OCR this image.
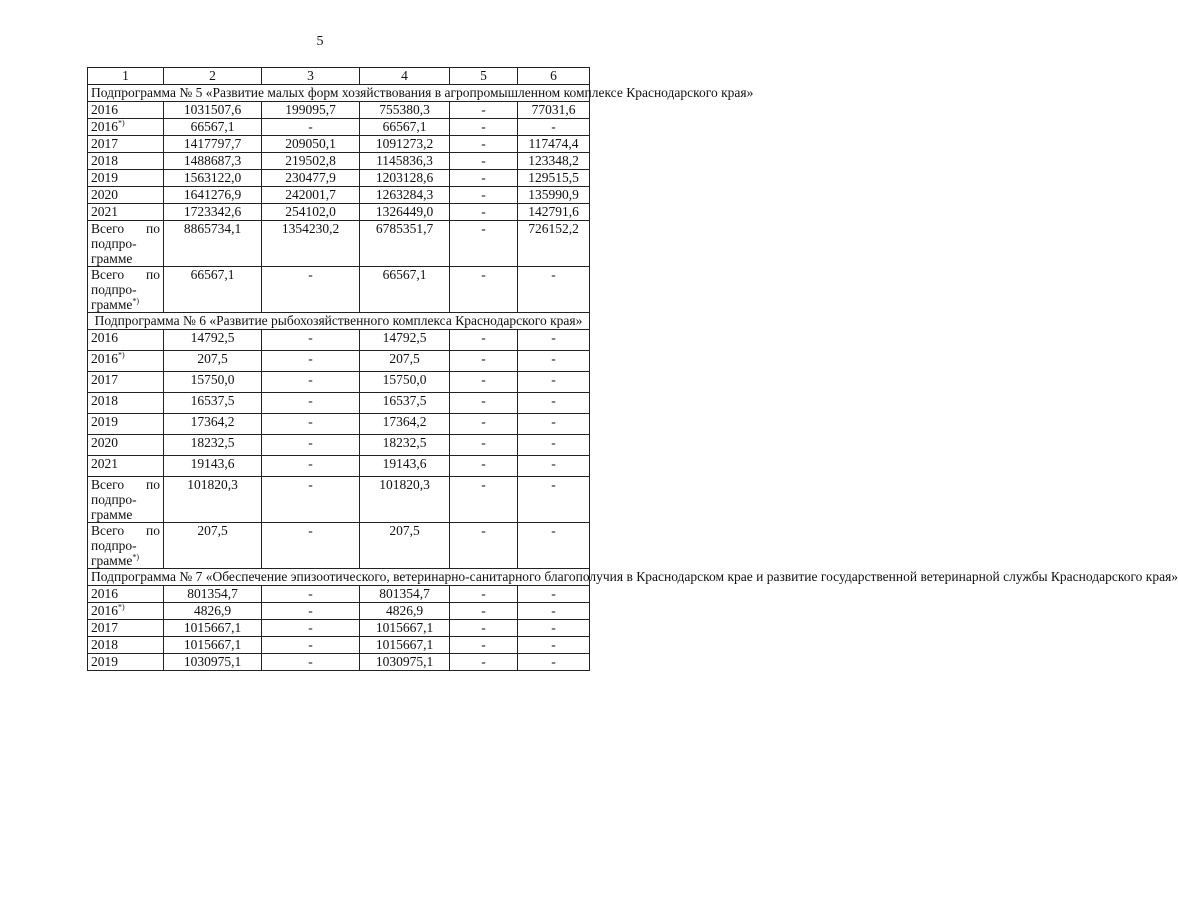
5
1	2	3	4	5	6
Подпрограмма № 5 «Развитие малых форм хозяйствования в агропромышленном комплексе Краснодарского края»					
2016	1031507,6	199095,7	755380,3	-	77031,6
2016*)	66567,1	-	66567,1	-	-
2017	1417797,7	209050,1	1091273,2	-	117474,4
2018	1488687,3	219502,8	1145836,3	-	123348,2
2019	1563122,0	230477,9	1203128,6	-	129515,5
2020	1641276,9	242001,7	1263284,3	-	135990,9
2021	1723342,6	254102,0	1326449,0	-	142791,6

Всего по
подпро-
грамме	8865734,1	1354230,2	6785351,7	-	726152,2

Всего по
подпро-
грамме*)	66567,1	-	66567,1	-	-
Подпрограмма № 6 «Развитие рыбохозяйственного комплекса Краснодарского края»					
2016	14792,5	-	14792,5	-	-
2016*)	207,5	-	207,5	-	-
2017	15750,0	-	15750,0	-	-
2018	16537,5	-	16537,5	-	-
2019	17364,2	-	17364,2	-	-
2020	18232,5	-	18232,5	-	-
2021	19143,6	-	19143,6	-	-

Всего по
подпро-
грамме	101820,3	-	101820,3	-	-

Всего по
подпро-
грамме*)	207,5	-	207,5	-	-
Подпрограмма № 7 «Обеспечение эпизоотического, ветеринарно-санитарного благополучия в Краснодарском крае и развитие государственной ветеринарной службы Краснодарского края»					
2016	801354,7	-	801354,7	-	-
2016*)	4826,9	-	4826,9	-	-
2017	1015667,1	-	1015667,1	-	-
2018	1015667,1	-	1015667,1	-	-
2019	1030975,1	-	1030975,1	-	-
